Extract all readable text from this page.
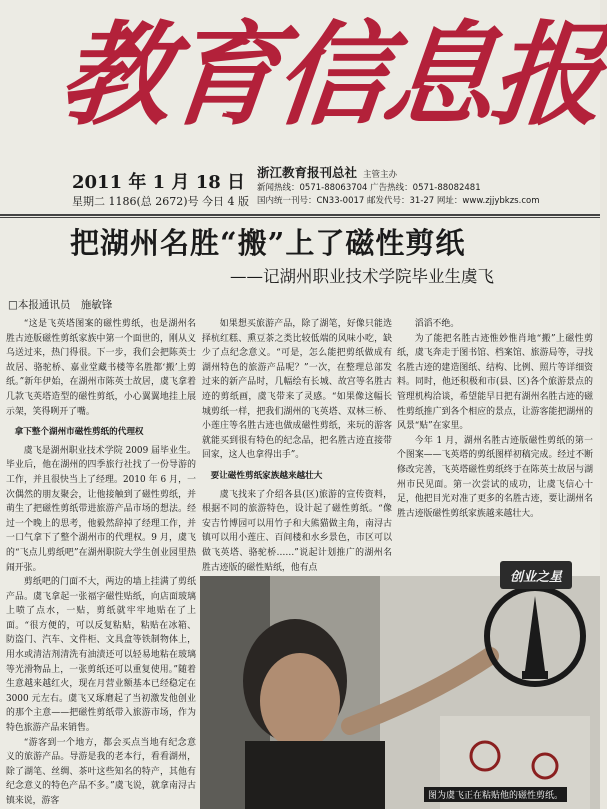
教
育
信
息
报
2011 年 1 月 18 日
星期二 1186(总 2672)号 今日 4 版
浙江教育报刊总社 主管主办
新闻热线：0571-88063704 广告热线：0571-88082481
国内统一刊号：CN33-0017 邮发代号：31-27 网址：www.zjjybkzs.com
把湖州名胜“搬”上了磁性剪纸
——记湖州职业技术学院毕业生虞飞
□本报通讯员　施敏锋

“这是飞英塔图案的磁性剪纸，也是湖州名胜古迹版磁性剪纸家族中第一个面世的，刚从义乌送过来，热门得很。下一步，我们会把陈英士故居、骆驼桥、嘉业堂藏书楼等名胜都‘搬’上剪纸。”新年伊始，在湖州市陈英士故居，虞飞拿着几款飞英塔造型的磁性剪纸，小心翼翼地挂上展示架，笑得咧开了嘴。

拿下整个湖州市磁性剪纸的代理权

虞飞是湖州职业技术学院 2009 届毕业生。毕业后，他在湖州的四季旅行社找了一份导游的工作，并且很快当上了经理。2010 年 6 月，一次偶然的朋友聚会，让他接触到了磁性剪纸，并萌生了把磁性剪纸带进旅游产品市场的想法。经过一个晚上的思考，他毅然辞掉了经理工作，并一口气拿下了整个湖州市的代理权。9 月，虞飞的“飞点儿剪纸吧”在湖州职院大学生创业园里热闹开张。

剪纸吧的门面不大，两边的墙上挂满了剪纸产品。虞飞拿起一张福字磁性贴纸，向店面玻璃上喷了点水，一贴，剪纸就牢牢地贴在了上面。“很方便的，可以反复粘贴，粘贴在冰箱、防盗门、汽车、文件柜、文具盒等铁制物体上，用水或清洁剂清洗有油渍还可以轻易地粘在玻璃等光滑物品上，一张剪纸还可以重复使用。”随着生意越来越红火，现在月营业额基本已经稳定在 3000 元左右。虞飞又琢磨起了当初激发他创业的那个主意——把磁性剪纸带入旅游市场，作为特色旅游产品来销售。

“游客到一个地方，都会买点当地有纪念意义的旅游产品。导游是我的老本行，看看湖州，除了湖笔、丝绸、茶叶这些知名的特产，其他有纪念意义的特色产品不多。”虞飞说，就拿南浔古镇来说，游客

如果想买旅游产品，除了湖笔，好像只能选择杭红糕、熏豆茶之类比较低端的风味小吃，缺少了点纪念意义。“可是，怎么能把剪纸做成有湖州特色的旅游产品呢？”一次，在整理总部发过来的新产品时，几幅绘有长城、故宫等名胜古迹的剪纸画，虞飞带来了灵感。“如果像这幅长城剪纸一样，把我们湖州的飞英塔、双林三桥、小莲庄等名胜古迹也做成磁性剪纸，来玩的游客就能买到很有特色的纪念品，把名胜古迹直接带回家，这人也拿得出手”。

要让磁性剪纸家族越来越壮大

虞飞找来了介绍各县(区)旅游的宣传资料，根据不同的旅游特色，设计起了磁性剪纸。“像安吉竹博园可以用竹子和大熊猫做主角，南浔古镇可以用小莲庄、百间楼和水乡景色，市区可以做飞英塔、骆驼桥……”说起计划推广的湖州名胜古迹版的磁性贴纸，他有点

滔滔不绝。

为了能把名胜古迹惟妙惟肖地“搬”上磁性剪纸，虞飞奔走于图书馆、档案馆、旅游局等，寻找名胜古迹的建造图纸、结构、比例、照片等详细资料。同时，他还积极和市(县、区)各个旅游景点的管理机构洽谈，希望能早日把有湖州名胜古迹的磁性剪纸推广到各个相应的景点，让游客能把湖州的风景“贴”在家里。

今年 1 月，湖州名胜古迹版磁性剪纸的第一个图案——飞英塔的剪纸图样初稿完成。经过不断修改完善，飞英塔磁性剪纸终于在陈英士故居与湖州市民见面。第一次尝试的成功，让虞飞信心十足，他把目光对准了更多的名胜古迹，要让湖州名胜古迹版磁性剪纸家族越来越壮大。

创业之星
图为虞飞正在粘贴他的磁性剪纸。
